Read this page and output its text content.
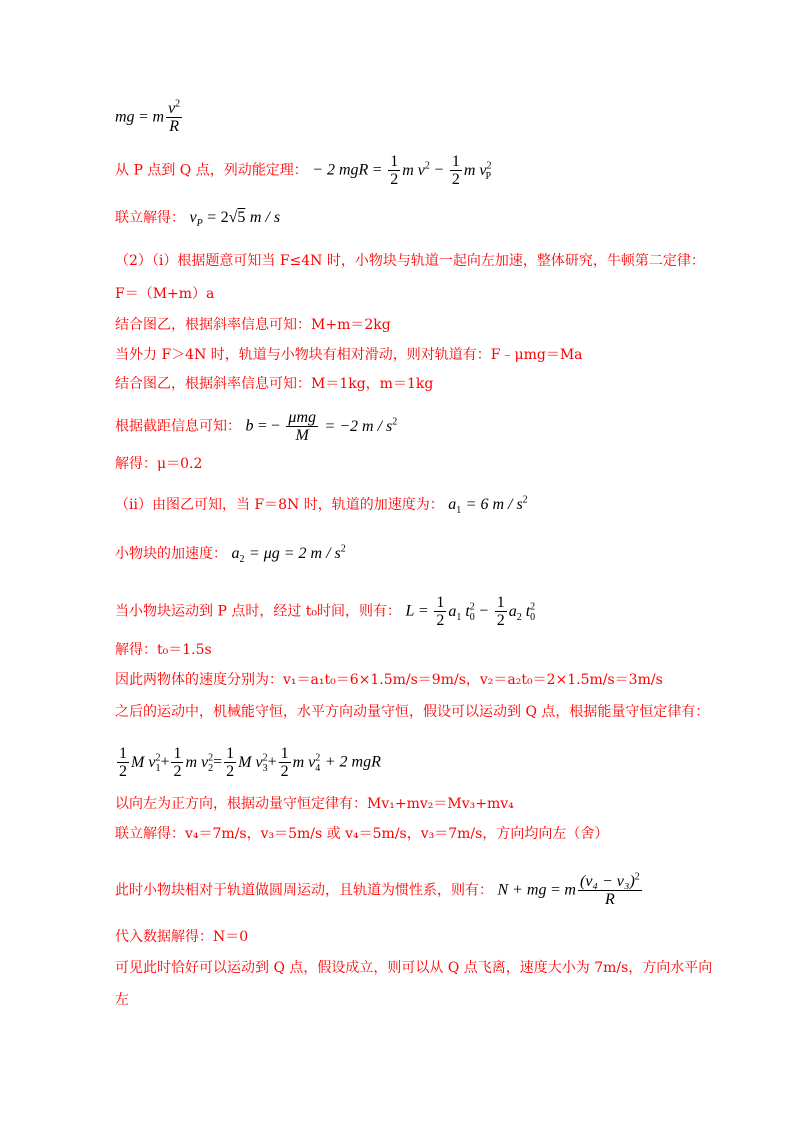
mg = m $\frac{v^2}{R}$
从 P 点到 Q 点，列动能定理： − 2 mgR = $\frac{1}{2}$ m $v^2 - \frac{1}{2}$ m $v^2_P$
联立解得： $v_P = 2√5$ m / s
（2）（ⅰ）根据题意可知当 F≤4N 时，小物块与轨道一起向左加速，整体研究，牛顿第二定律：
F＝（M+m）a
结合图乙，根据斜率信息可知：M+m＝2kg
当外力 F＞4N 时，轨道与小物块有相对滑动，则对轨道有：F﹣μmg＝Ma
结合图乙，根据斜率信息可知：M＝1kg，m＝1kg
根据截距信息可知： b = − $\frac{\text{μmg}}{M} = -2$ m / $s^2$
解得：μ＝0.2
（ⅱ）由图乙可知，当 F＝8N 时，轨道的加速度为： $a_1 = 6$ m / $s^2$
小物块的加速度： $a_2 = \mu g = 2$ m / $s^2$
当小物块运动到 P 点时，经过 t₀时间，则有： $L = \frac{1}{2} a_1$ $t^2_0 - \frac{1}{2} a_2$ $t^2_0$
解得：t₀＝1.5s
因此两物体的速度分别为：v₁＝a₁t₀＝6×1.5m/s＝9m/s，v₂＝a₂t₀＝2×1.5m/s＝3m/s
之后的运动中，机械能守恒，水平方向动量守恒，假设可以运动到 Q 点，根据能量守恒定律有：
$\frac{1}{2}$ M $v^2_1+ \frac{1}{2}$ m $v^2_2= \frac{1}{2}$ M $v^2_3+ \frac{1}{2}$ m $v^2_4 + 2$ mgR
以向左为正方向，根据动量守恒定律有：Mv₁+mv₂＝Mv₃+mv₄
联立解得：v₄＝7m/s，v₃＝5m/s 或 v₄＝5m/s，v₃＝7m/s，方向均向左（舍）
此时小物块相对于轨道做圆周运动，且轨道为惯性系，则有： N + mg = m $\frac{(v_4 - v_3)^2}{R}$
代入数据解得：N＝0
可见此时恰好可以运动到 Q 点，假设成立，则可以从 Q 点飞离，速度大小为 7m/s，方向水平向
左
